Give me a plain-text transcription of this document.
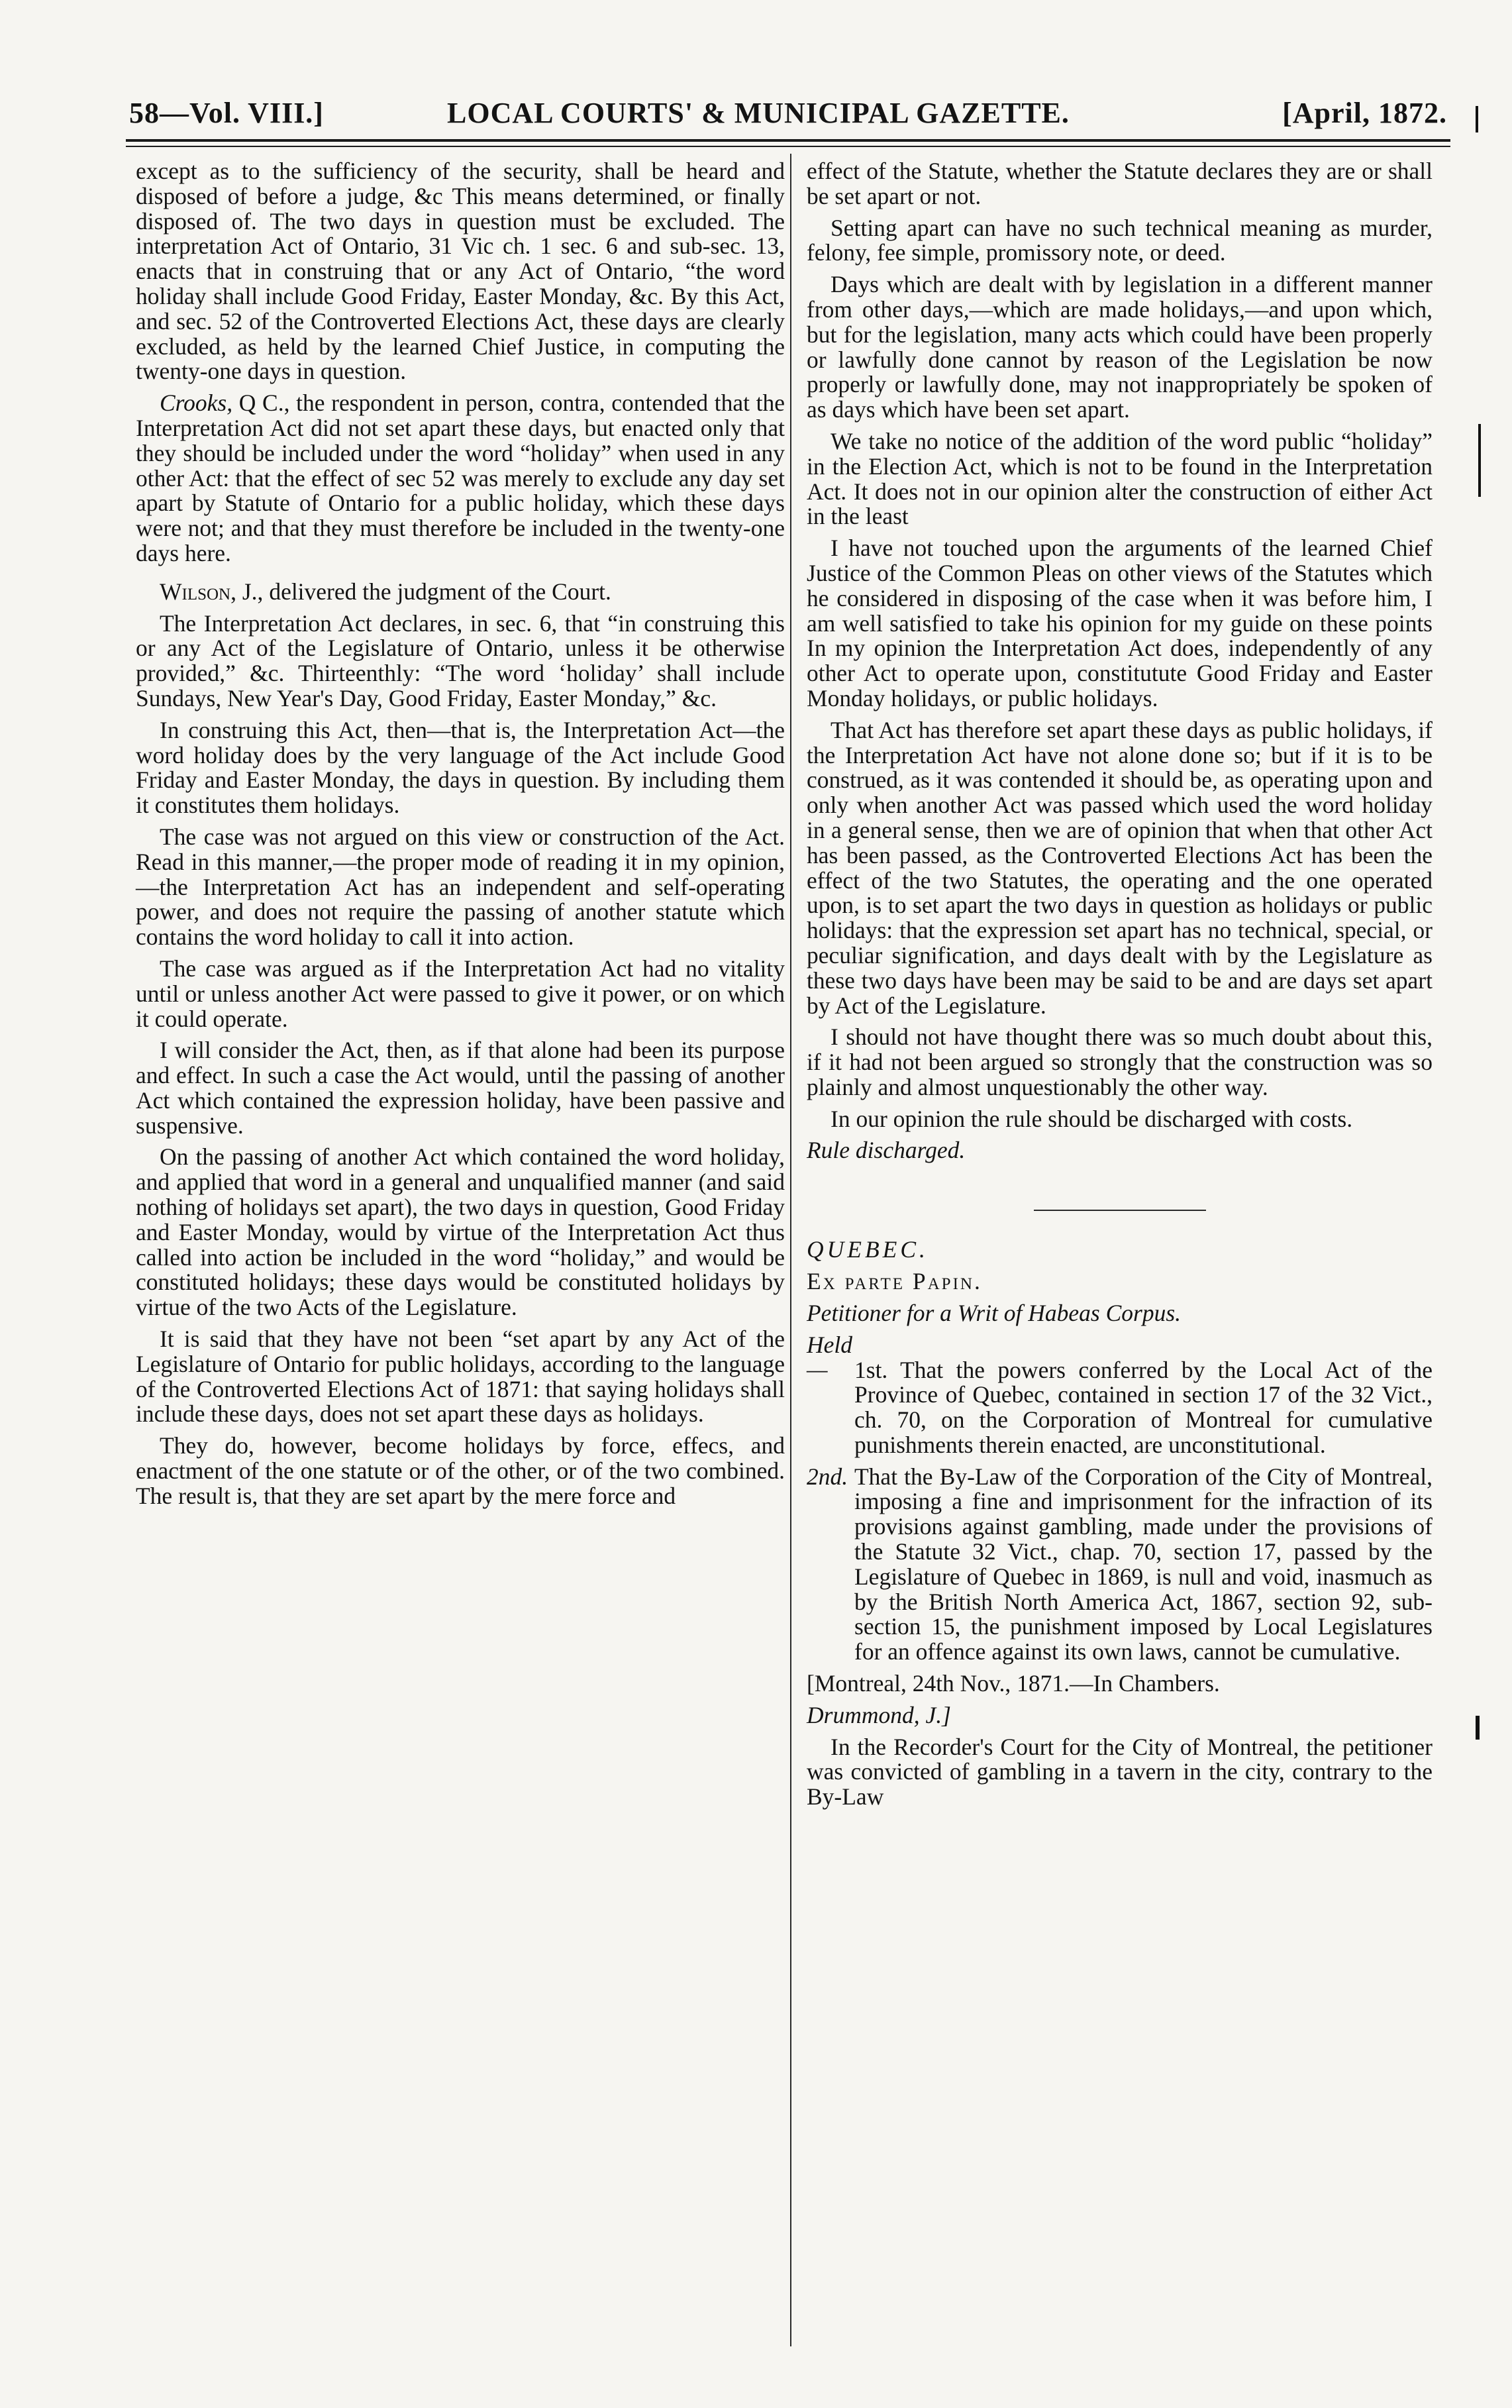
58—Vol. VIII.]	LOCAL COURTS' & MUNICIPAL GAZETTE.	[April, 1872.

except as to the sufficiency of the security, shall be heard and disposed of before a judge, &c This means determined, or finally disposed of. The two days in question must be excluded. The interpretation Act of Ontario, 31 Vic ch. 1 sec. 6 and sub-sec. 13, enacts that in construing that or any Act of Ontario, “the word holiday shall include Good Friday, Easter Monday, &c. By this Act, and sec. 52 of the Controverted Elections Act, these days are clearly excluded, as held by the learned Chief Justice, in computing the twenty-one days in question.

Crooks, Q C., the respondent in person, contra, contended that the Interpretation Act did not set apart these days, but enacted only that they should be included under the word “holiday” when used in any other Act: that the effect of sec 52 was merely to exclude any day set apart by Statute of Ontario for a public holiday, which these days were not; and that they must therefore be included in the twenty-one days here.

Wilson, J., delivered the judgment of the Court.

The Interpretation Act declares, in sec. 6, that “in construing this or any Act of the Legislature of Ontario, unless it be otherwise provided,” &c. Thirteenthly: “The word ‘holiday’ shall include Sundays, New Year's Day, Good Friday, Easter Monday,” &c.

In construing this Act, then—that is, the Interpretation Act—the word holiday does by the very language of the Act include Good Friday and Easter Monday, the days in question. By including them it constitutes them holidays.

The case was not argued on this view or construction of the Act. Read in this manner,—the proper mode of reading it in my opinion,—the Interpretation Act has an independent and self-operating power, and does not require the passing of another statute which contains the word holiday to call it into action.

The case was argued as if the Interpretation Act had no vitality until or unless another Act were passed to give it power, or on which it could operate.

I will consider the Act, then, as if that alone had been its purpose and effect. In such a case the Act would, until the passing of another Act which contained the expression holiday, have been passive and suspensive.

On the passing of another Act which contained the word holiday, and applied that word in a general and unqualified manner (and said nothing of holidays set apart), the two days in question, Good Friday and Easter Monday, would by virtue of the Interpretation Act thus called into action be included in the word “holiday,” and would be constituted holidays; these days would be constituted holidays by virtue of the two Acts of the Legislature.

It is said that they have not been “set apart by any Act of the Legislature of Ontario for public holidays, according to the language of the Controverted Elections Act of 1871: that saying holidays shall include these days, does not set apart these days as holidays.

They do, however, become holidays by force, effecs, and enactment of the one statute or of the other, or of the two combined. The result is, that they are set apart by the mere force and

effect of the Statute, whether the Statute declares they are or shall be set apart or not.

Setting apart can have no such technical meaning as murder, felony, fee simple, promissory note, or deed.

Days which are dealt with by legislation in a different manner from other days,—which are made holidays,—and upon which, but for the legislation, many acts which could have been properly or lawfully done cannot by reason of the Legislation be now properly or lawfully done, may not inappropriately be spoken of as days which have been set apart.

We take no notice of the addition of the word public “holiday” in the Election Act, which is not to be found in the Interpretation Act. It does not in our opinion alter the construction of either Act in the least

I have not touched upon the arguments of the learned Chief Justice of the Common Pleas on other views of the Statutes which he considered in disposing of the case when it was before him, I am well satisfied to take his opinion for my guide on these points In my opinion the Interpretation Act does, independently of any other Act to operate upon, constitutute Good Friday and Easter Monday holidays, or public holidays.

That Act has therefore set apart these days as public holidays, if the Interpretation Act have not alone done so; but if it is to be construed, as it was contended it should be, as operating upon and only when another Act was passed which used the word holiday in a general sense, then we are of opinion that when that other Act has been passed, as the Controverted Elections Act has been the effect of the two Statutes, the operating and the one operated upon, is to set apart the two days in question as holidays or public holidays: that the expression set apart has no technical, special, or peculiar signification, and days dealt with by the Legislature as these two days have been may be said to be and are days set apart by Act of the Legislature.

I should not have thought there was so much doubt about this, if it had not been argued so strongly that the construction was so plainly and almost unquestionably the other way.

In our opinion the rule should be discharged with costs.

Rule discharged.

QUEBEC.

Ex parte Papin.

Petitioner for a Writ of Habeas Corpus.

Held— 1st. That the powers conferred by the Local Act of the Province of Quebec, contained in section 17 of the 32 Vict., ch. 70, on the Corporation of Montreal for cumulative punishments therein enacted, are unconstitutional.

2nd. That the By-Law of the Corporation of the City of Montreal, imposing a fine and imprisonment for the infraction of its provisions against gambling, made under the provisions of the Statute 32 Vict., chap. 70, section 17, passed by the Legislature of Quebec in 1869, is null and void, inasmuch as by the British North America Act, 1867, section 92, sub-section 15, the punishment imposed by Local Legislatures for an offence against its own laws, cannot be cumulative.

[Montreal, 24th Nov., 1871.—In Chambers.

Drummond, J.]

In the Recorder's Court for the City of Montreal, the petitioner was convicted of gambling in a tavern in the city, contrary to the By-Law
